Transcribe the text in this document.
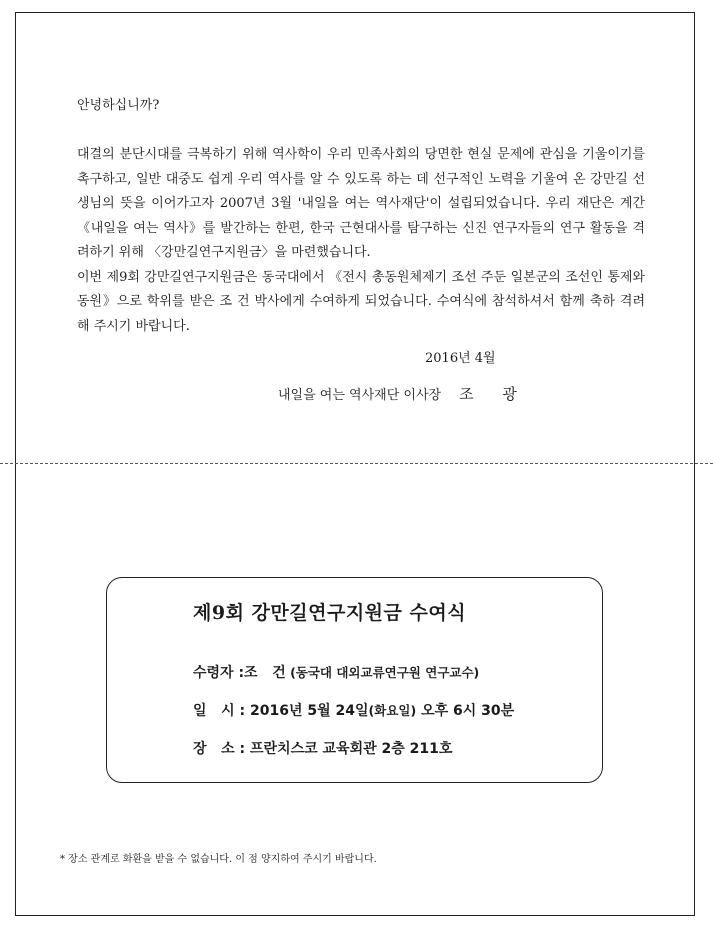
안녕하십니까?

대결의 분단시대를 극복하기 위해 역사학이 우리 민족사회의 당면한 현실 문제에 관심을 기울이기를 촉구하고, 일반 대중도 쉽게 우리 역사를 알 수 있도록 하는 데 선구적인 노력을 기울여 온 강만길 선생님의 뜻을 이어가고자 2007년 3월 '내일을 여는 역사재단'이 설립되었습니다. 우리 재단은 계간《내일을 여는 역사》를 발간하는 한편, 한국 근현대사를 탐구하는 신진 연구자들의 연구 활동을 격려하기 위해 〈강만길연구지원금〉을 마련했습니다.

이번 제9회 강만길연구지원금은 동국대에서 《전시 총동원체제기 조선 주둔 일본군의 조선인 통제와 동원》으로 학위를 받은 조 건 박사에게 수여하게 되었습니다. 수여식에 참석하셔서 함께 축하 격려해 주시기 바랍니다.

2016년 4월
내일을 여는 역사재단 이사장 조 광
제9회 강만길연구지원금 수여식
수령자 :조   건 (동국대 대외교류연구원 연구교수)
일   시 : 2016년 5월 24일(화요일) 오후 6시 30분
장   소 : 프란치스코 교육회관 2층 211호
* 장소 관계로 화환을 받을 수 없습니다. 이 점 양지하여 주시기 바랍니다.
